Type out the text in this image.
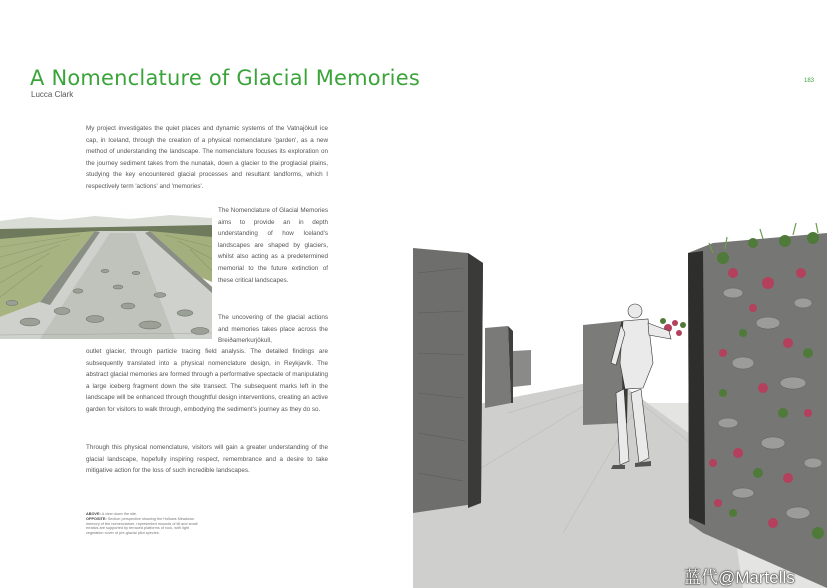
A Nomenclature of Glacial Memories
Lucca Clark
183

My project investigates the quiet places and dynamic systems of the Vatnajökull ice cap, in Iceland, through the creation of a physical nomenclature 'garden', as a new method of understanding the landscape. The nomenclature focuses its exploration on the journey sediment takes from the nunatak, down a glacier to the proglacial plains, studying the key encountered glacial processes and resultant landforms, which I respectively term 'actions' and 'memories'.

The Nomenclature of Glacial Memories aims to provide an in depth understanding of how Iceland's landscapes are shaped by glaciers, whilst also acting as a predetermined memorial to the future extinction of these critical landscapes.

The uncovering of the glacial actions and memories takes place across the Breiðamerkurjökull,

outlet glacier, through particle tracing field analysis. The detailed findings are subsequently translated into a physical nomenclature design, in Reykjavík. The abstract glacial memories are formed through a performative spectacle of manipulating a large iceberg fragment down the site transect. The subsequent marks left in the landscape will be enhanced through thoughtful design interventions, creating an active garden for visitors to walk through, embodying the sediment's journey as they do so.

Through this physical nomenclature, visitors will gain a greater understanding of the glacial landscape, hopefully inspiring respect, remembrance and a desire to take mitigative action for the loss of such incredible landscapes.

ABOVE: A view down the site.
OPPOSITE: Section perspective showing the Hollows Meadows memory of the nomenclature, represented mounds of till and small erratics are supported by terraced platforms of rock, with light vegetation cover of pre-glacial pilot species.
蓝代@Martells
